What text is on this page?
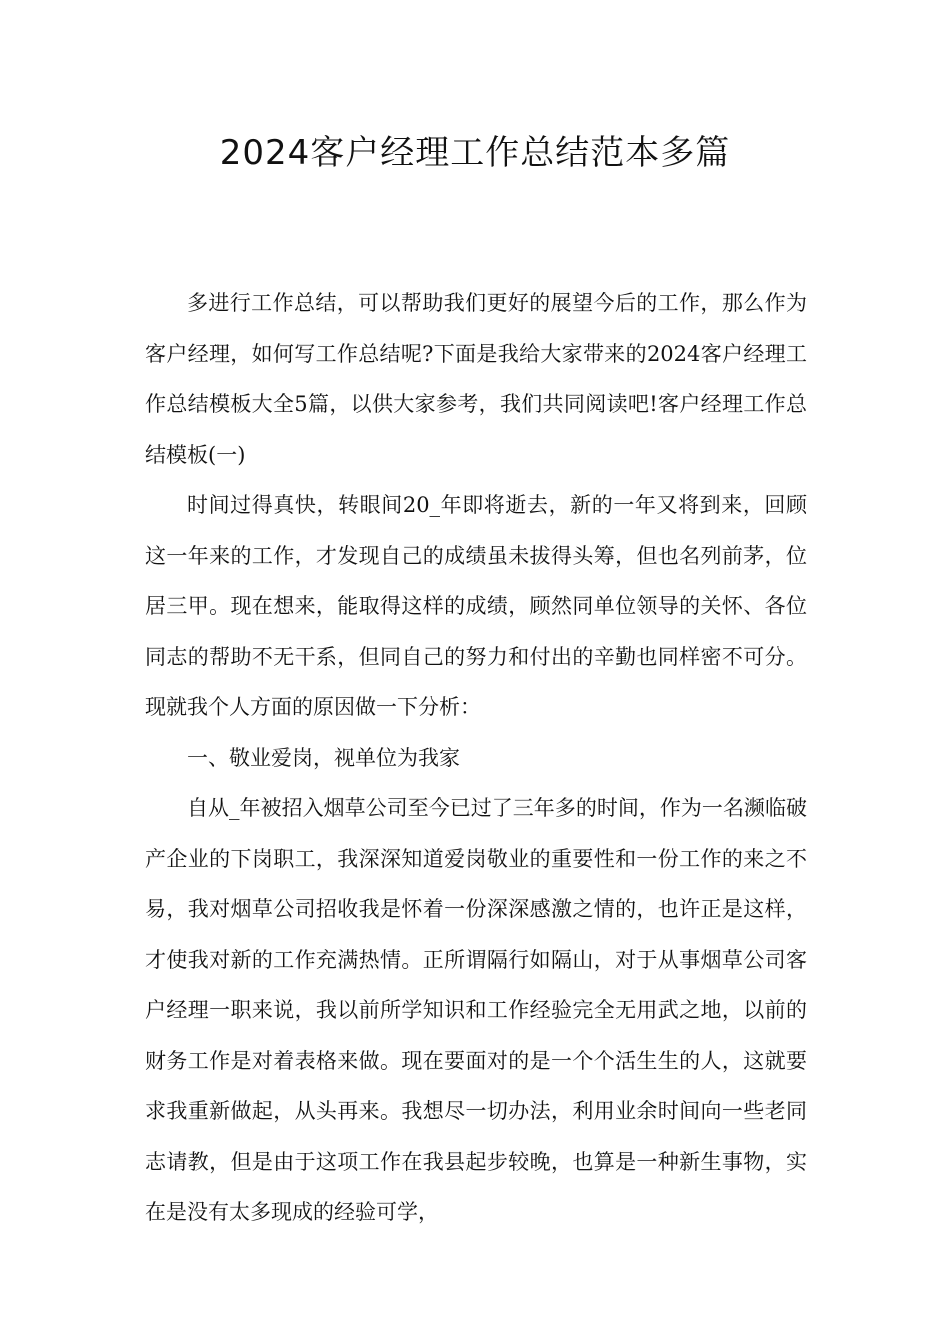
2024客户经理工作总结范本多篇

多进行工作总结，可以帮助我们更好的展望今后的工作，那么作为客户经理，如何写工作总结呢?下面是我给大家带来的2024客户经理工作总结模板大全5篇，以供大家参考，我们共同阅读吧!客户经理工作总结模板(一)

时间过得真快，转眼间20_年即将逝去，新的一年又将到来，回顾这一年来的工作，才发现自己的成绩虽未拔得头筹，但也名列前茅，位居三甲。现在想来，能取得这样的成绩，顾然同单位领导的关怀、各位同志的帮助不无干系，但同自己的努力和付出的辛勤也同样密不可分。现就我个人方面的原因做一下分析：

一、敬业爱岗，视单位为我家

自从_年被招入烟草公司至今已过了三年多的时间，作为一名濒临破产企业的下岗职工，我深深知道爱岗敬业的重要性和一份工作的来之不易，我对烟草公司招收我是怀着一份深深感激之情的，也许正是这样，才使我对新的工作充满热情。正所谓隔行如隔山，对于从事烟草公司客户经理一职来说，我以前所学知识和工作经验完全无用武之地，以前的财务工作是对着表格来做。现在要面对的是一个个活生生的人，这就要求我重新做起，从头再来。我想尽一切办法，利用业余时间向一些老同志请教，但是由于这项工作在我县起步较晚，也算是一种新生事物，实在是没有太多现成的经验可学，
